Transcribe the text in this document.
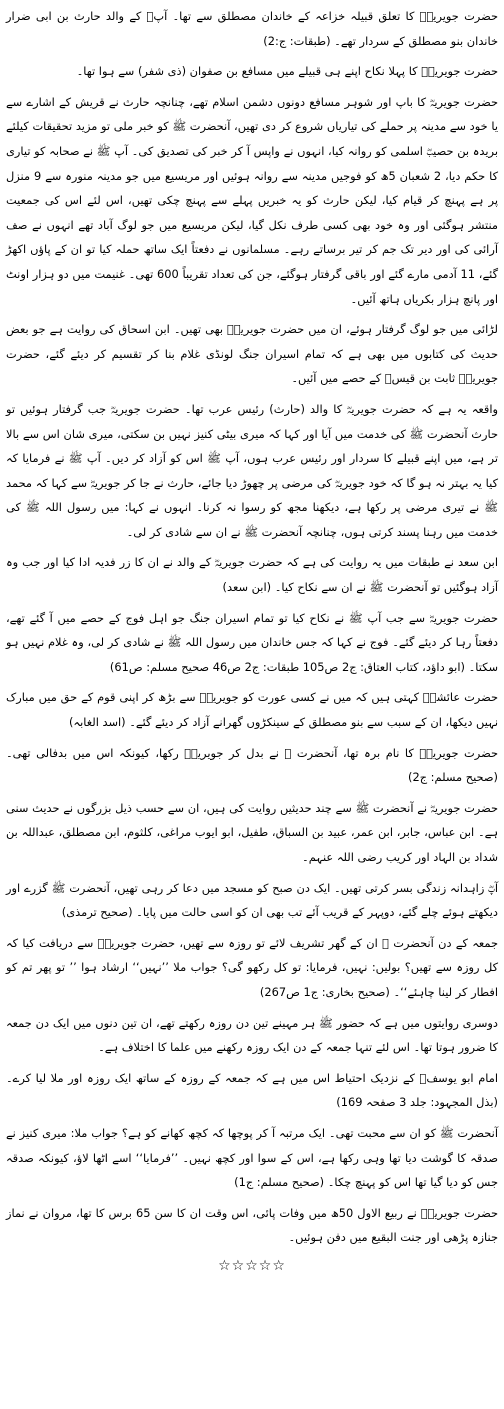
حضرت جویریہؓ کا تعلق قبیلہ خزاعہ کے خاندان مصطلق سے تھا۔ آپؓ کے والد حارث بن ابی ضرار خاندان بنو مصطلق کے سردار تھے۔ (طبقات: ج:2)

حضرت جویریہؓ کا پہلا نکاح اپنے ہی قبیلے میں مسافع بن صفوان (ذی شفر) سے ہوا تھا۔

حضرت جویریہؓ کا باپ اور شوہر مسافع دونوں دشمن اسلام تھے، چنانچہ حارث نے قریش کے اشارے سے یا خود سے مدینہ پر حملے کی تیاریاں شروع کر دی تھیں، آنحضرت ﷺ کو خبر ملی تو مزید تحقیقات کیلئے بریدہ بن حصیبؓ اسلمی کو روانہ کیا، انہوں نے واپس آ کر خبر کی تصدیق کی۔ آپ ﷺ نے صحابہ کو تیاری کا حکم دیا، 2 شعبان 5ھ کو فوجیں مدینہ سے روانہ ہوئیں اور مریسیع میں جو مدینہ منورہ سے 9 منزل پر ہے پہنچ کر قیام کیا، لیکن حارث کو یہ خبریں پہلے سے پہنچ چکی تھیں، اس لئے اس کی جمعیت منتشر ہوگئی اور وہ خود بھی کسی طرف نکل گیا، لیکن مریسیع میں جو لوگ آباد تھے انہوں نے صف آرائی کی اور دیر تک جم کر تیر برساتے رہے۔ مسلمانوں نے دفعتاً ایک ساتھ حملہ کیا تو ان کے پاؤں اکھڑ گئے، 11 آدمی مارے گئے اور باقی گرفتار ہوگئے، جن کی تعداد تقریباً 600 تھی۔ غنیمت میں دو ہزار اونٹ اور پانچ ہزار بکریاں ہاتھ آئیں۔

لڑائی میں جو لوگ گرفتار ہوئے، ان میں حضرت جویریہؓ بھی تھیں۔ ابن اسحاق کی روایت ہے جو بعض حدیث کی کتابوں میں بھی ہے کہ تمام اسیران جنگ لونڈی غلام بنا کر تقسیم کر دیئے گئے، حضرت جویریہؓ ثابت بن قیسؓ کے حصے میں آئیں۔

واقعہ یہ ہے کہ حضرت جویریہؓ کا والد (حارث) رئیس عرب تھا۔ حضرت جویریہؓ جب گرفتار ہوئیں تو حارث آنحضرت ﷺ کی خدمت میں آیا اور کہا کہ میری بیٹی کنیز نہیں بن سکتی، میری شان اس سے بالا تر ہے، میں اپنے قبیلے کا سردار اور رئیس عرب ہوں، آپ ﷺ اس کو آزاد کر دیں۔ آپ ﷺ نے فرمایا کہ کیا یہ بہتر نہ ہو گا کہ خود جویریہؓ کی مرضی پر چھوڑ دیا جائے، حارث نے جا کر جویریہؓ سے کہا کہ محمد ﷺ نے تیری مرضی پر رکھا ہے، دیکھنا مجھ کو رسوا نہ کرنا۔ انہوں نے کہا: میں رسول اللہ ﷺ کی خدمت میں رہنا پسند کرتی ہوں، چنانچہ آنحضرت ﷺ نے ان سے شادی کر لی۔

ابن سعد نے طبقات میں یہ روایت کی ہے کہ حضرت جویریہؓ کے والد نے ان کا زر فدیہ ادا کیا اور جب وہ آزاد ہوگئیں تو آنحضرت ﷺ نے ان سے نکاح کیا۔ (ابن سعد)

حضرت جویریہؓ سے جب آپ ﷺ نے نکاح کیا تو تمام اسیران جنگ جو اہل فوج کے حصے میں آ گئے تھے، دفعتاً رہا کر دیئے گئے۔ فوج نے کہا کہ جس خاندان میں رسول اللہ ﷺ نے شادی کر لی، وہ غلام نہیں ہو سکتا۔ (ابو داؤد، کتاب العتاق: ج2 ص105 طبقات: ج2 ص46 صحیح مسلم: ص61)

حضرت عائشہؓ کہتی ہیں کہ میں نے کسی عورت کو جویریہؓ سے بڑھ کر اپنی قوم کے حق میں مبارک نہیں دیکھا، ان کے سبب سے بنو مصطلق کے سینکڑوں گھرانے آزاد کر دیئے گئے۔ (اسد الغابہ)

حضرت جویریہؓ کا نام برہ تھا، آنحضرت ﷺ نے بدل کر جویریہؓ رکھا، کیونکہ اس میں بدفالی تھی۔ (صحیح مسلم: ج2)

حضرت جویریہؓ نے آنحضرت ﷺ سے چند حدیثیں روایت کی ہیں، ان سے حسب ذیل بزرگوں نے حدیث سنی ہے۔ ابن عباس، جابر، ابن عمر، عبید بن السباق، طفیل، ابو ایوب مراغی، کلثوم، ابن مصطلق، عبداللہ بن شداد بن الہاد اور کریب رضی اللہ عنہم۔

آپؓ زاہدانہ زندگی بسر کرتی تھیں۔ ایک دن صبح کو مسجد میں دعا کر رہی تھیں، آنحضرت ﷺ گزرے اور دیکھتے ہوئے چلے گئے، دوپہر کے قریب آئے تب بھی ان کو اسی حالت میں پایا۔ (صحیح ترمذی)

جمعہ کے دن آنحضرت ﷺ ان کے گھر تشریف لائے تو روزہ سے تھیں، حضرت جویریہؓ سے دریافت کیا کہ کل روزہ سے تھیں؟ بولیں: نہیں، فرمایا: تو کل رکھو گی؟ جواب ملا ’’نہیں‘‘ ارشاد ہوا ’’ تو پھر تم کو افطار کر لینا چاہئے‘‘۔ (صحیح بخاری: ج1 ص267)

دوسری روایتوں میں ہے کہ حضور ﷺ ہر مہینے تین دن روزہ رکھتے تھے، ان تین دنوں میں ایک دن جمعہ کا ضرور ہوتا تھا۔ اس لئے تنہا جمعہ کے دن ایک روزہ رکھنے میں علما کا اختلاف ہے۔

امام ابو یوسفؒ کے نزدیک احتیاط اس میں ہے کہ جمعہ کے روزہ کے ساتھ ایک روزہ اور ملا لیا کرے۔ (بذل المجہود: جلد 3 صفحہ 169)

آنحضرت ﷺ کو ان سے محبت تھی۔ ایک مرتبہ آ کر پوچھا کہ کچھ کھانے کو ہے؟ جواب ملا: میری کنیز نے صدقہ کا گوشت دیا تھا وہی رکھا ہے، اس کے سوا اور کچھ نہیں۔ ’’فرمایا‘‘ اسے اٹھا لاؤ، کیونکہ صدقہ جس کو دیا گیا تھا اس کو پہنچ چکا۔ (صحیح مسلم: ج1)

حضرت جویریہؓ نے ربیع الاول 50ھ میں وفات پائی، اس وقت ان کا سن 65 برس کا تھا، مروان نے نماز جنازہ پڑھی اور جنت البقیع میں دفن ہوئیں۔

☆☆☆☆☆
